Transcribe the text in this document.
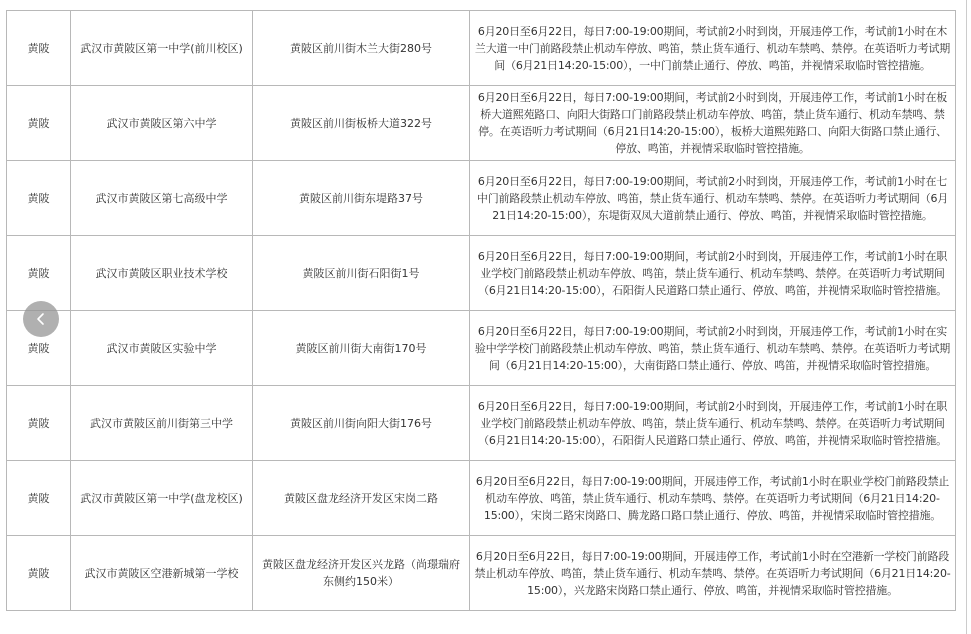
黄陂	武汉市黄陂区第一中学(前川校区)	黄陂区前川街木兰大街280号	6月20日至6月22日，每日7:00-19:00期间，考试前2小时到岗，开展违停工作，考试前1小时在木兰大道一中门前路段禁止机动车停放、鸣笛，禁止货车通行、机动车禁鸣、禁停。在英语听力考试期间（6月21日14:20-15:00），一中门前禁止通行、停放、鸣笛，并视情采取临时管控措施。
黄陂	武汉市黄陂区第六中学	黄陂区前川街板桥大道322号	6月20日至6月22日，每日7:00-19:00期间，考试前2小时到岗，开展违停工作，考试前1小时在板桥大道熙苑路口、向阳大街路口门前路段禁止机动车停放、鸣笛，禁止货车通行、机动车禁鸣、禁停。在英语听力考试期间（6月21日14:20-15:00），板桥大道熙苑路口、向阳大街路口禁止通行、停放、鸣笛，并视情采取临时管控措施。
黄陂	武汉市黄陂区第七高级中学	黄陂区前川街东堤路37号	6月20日至6月22日，每日7:00-19:00期间，考试前2小时到岗，开展违停工作，考试前1小时在七中门前路段禁止机动车停放、鸣笛，禁止货车通行、机动车禁鸣、禁停。在英语听力考试期间（6月21日14:20-15:00），东堤街双凤大道前禁止通行、停放、鸣笛，并视情采取临时管控措施。
黄陂	武汉市黄陂区职业技术学校	黄陂区前川街石阳街1号	6月20日至6月22日，每日7:00-19:00期间，考试前2小时到岗，开展违停工作，考试前1小时在职业学校门前路段禁止机动车停放、鸣笛，禁止货车通行、机动车禁鸣、禁停。在英语听力考试期间（6月21日14:20-15:00），石阳街人民道路口禁止通行、停放、鸣笛，并视情采取临时管控措施。
黄陂	武汉市黄陂区实验中学	黄陂区前川街大南街170号	6月20日至6月22日，每日7:00-19:00期间，考试前2小时到岗，开展违停工作，考试前1小时在实验中学学校门前路段禁止机动车停放、鸣笛，禁止货车通行、机动车禁鸣、禁停。在英语听力考试期间（6月21日14:20-15:00），大南街路口禁止通行、停放、鸣笛，并视情采取临时管控措施。
黄陂	武汉市黄陂区前川街第三中学	黄陂区前川街向阳大街176号	6月20日至6月22日，每日7:00-19:00期间，考试前2小时到岗，开展违停工作，考试前1小时在职业学校门前路段禁止机动车停放、鸣笛，禁止货车通行、机动车禁鸣、禁停。在英语听力考试期间（6月21日14:20-15:00），石阳街人民道路口禁止通行、停放、鸣笛，并视情采取临时管控措施。
黄陂	武汉市黄陂区第一中学(盘龙校区)	黄陂区盘龙经济开发区宋岗二路	6月20日至6月22日，每日7:00-19:00期间，开展违停工作，考试前1小时在职业学校门前路段禁止机动车停放、鸣笛，禁止货车通行、机动车禁鸣、禁停。在英语听力考试期间（6月21日14:20-15:00），宋岗二路宋岗路口、腾龙路口路口禁止通行、停放、鸣笛，并视情采取临时管控措施。
黄陂	武汉市黄陂区空港新城第一学校	黄陂区盘龙经济开发区兴龙路（尚璟瑞府东侧约150米）	6月20日至6月22日，每日7:00-19:00期间，开展违停工作，考试前1小时在空港新一学校门前路段禁止机动车停放、鸣笛，禁止货车通行、机动车禁鸣、禁停。在英语听力考试期间（6月21日14:20-15:00），兴龙路宋岗路口禁止通行、停放、鸣笛，并视情采取临时管控措施。
